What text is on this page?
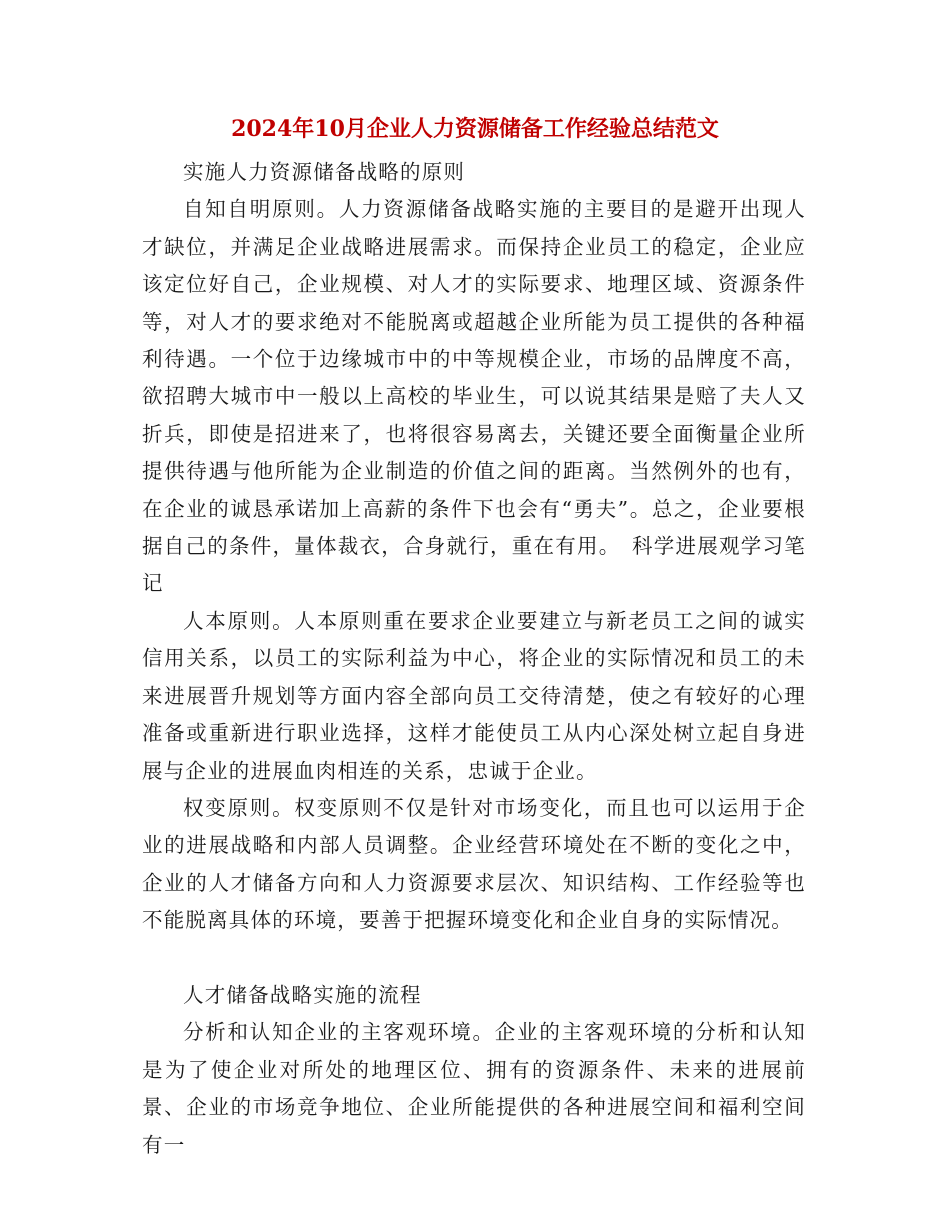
2024年10月企业人力资源储备工作经验总结范文

实施人力资源储备战略的原则

自知自明原则。人力资源储备战略实施的主要目的是避开出现人才缺位，并满足企业战略进展需求。而保持企业员工的稳定，企业应该定位好自己，企业规模、对人才的实际要求、地理区域、资源条件等，对人才的要求绝对不能脱离或超越企业所能为员工提供的各种福利待遇。一个位于边缘城市中的中等规模企业，市场的品牌度不高，欲招聘大城市中一般以上高校的毕业生，可以说其结果是赔了夫人又折兵，即使是招进来了，也将很容易离去，关键还要全面衡量企业所提供待遇与他所能为企业制造的价值之间的距离。当然例外的也有，在企业的诚恳承诺加上高薪的条件下也会有“勇夫”。总之，企业要根据自己的条件，量体裁衣，合身就行，重在有用。　科学进展观学习笔记

人本原则。人本原则重在要求企业要建立与新老员工之间的诚实信用关系，以员工的实际利益为中心，将企业的实际情况和员工的未来进展晋升规划等方面内容全部向员工交待清楚，使之有较好的心理准备或重新进行职业选择，这样才能使员工从内心深处树立起自身进展与企业的进展血肉相连的关系，忠诚于企业。

权变原则。权变原则不仅是针对市场变化，而且也可以运用于企业的进展战略和内部人员调整。企业经营环境处在不断的变化之中，企业的人才储备方向和人力资源要求层次、知识结构、工作经验等也不能脱离具体的环境，要善于把握环境变化和企业自身的实际情况。

人才储备战略实施的流程

分析和认知企业的主客观环境。企业的主客观环境的分析和认知是为了使企业对所处的地理区位、拥有的资源条件、未来的进展前景、企业的市场竞争地位、企业所能提供的各种进展空间和福利空间有一
